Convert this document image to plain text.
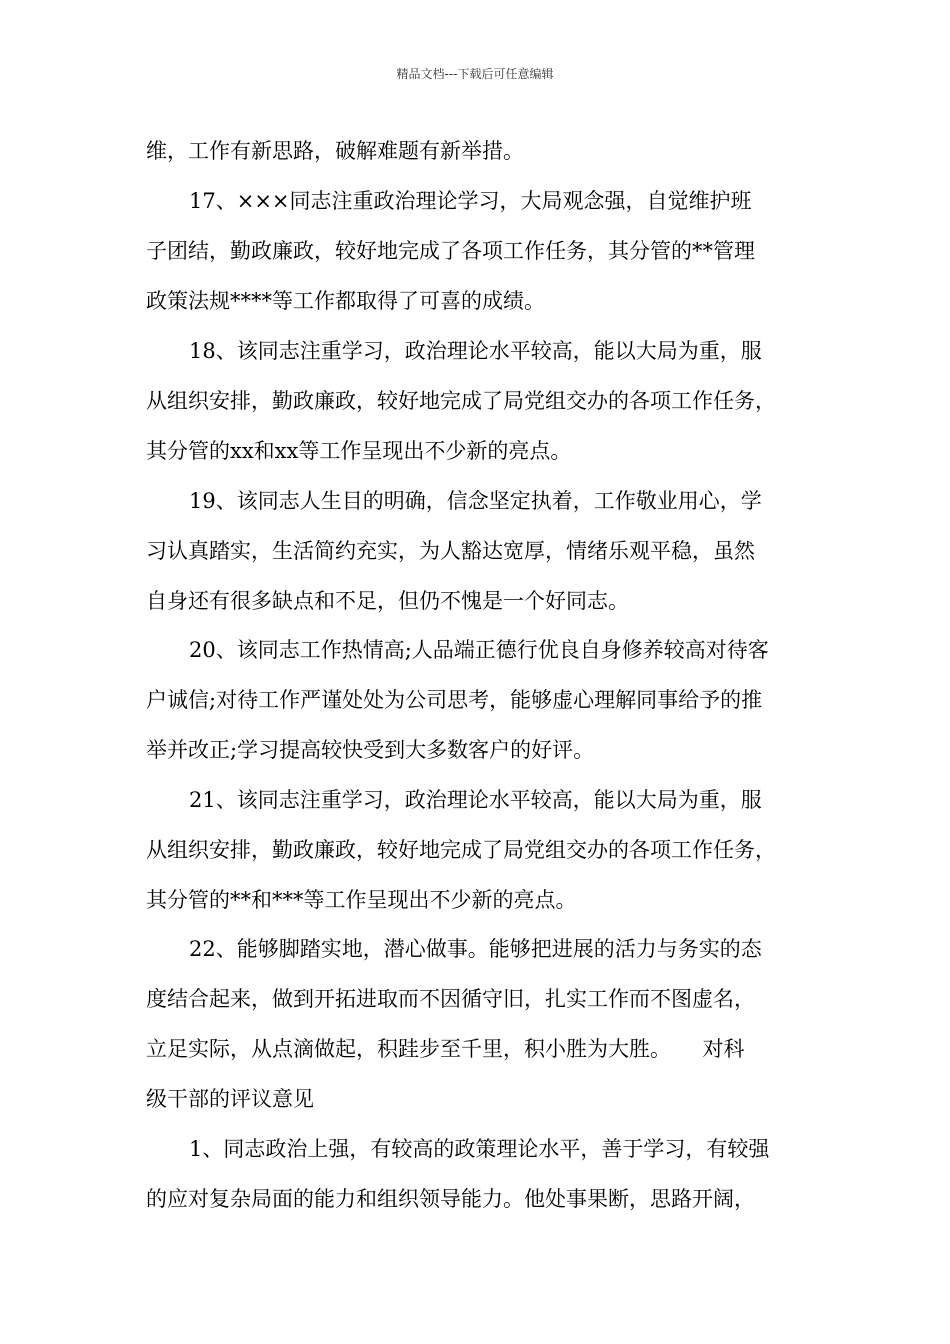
精品文档---下载后可任意编辑
维，工作有新思路，破解难题有新举措。
17、×××同志注重政治理论学习，大局观念强，自觉维护班
子团结，勤政廉政，较好地完成了各项工作任务，其分管的**管理
政策法规****等工作都取得了可喜的成绩。
18、该同志注重学习，政治理论水平较高，能以大局为重，服
从组织安排，勤政廉政，较好地完成了局党组交办的各项工作任务，
其分管的xx和xx等工作呈现出不少新的亮点。
19、该同志人生目的明确，信念坚定执着，工作敬业用心，学
习认真踏实，生活简约充实，为人豁达宽厚，情绪乐观平稳，虽然
自身还有很多缺点和不足，但仍不愧是一个好同志。
20、该同志工作热情高;人品端正德行优良自身修养较高对待客
户诚信;对待工作严谨处处为公司思考，能够虚心理解同事给予的推
举并改正;学习提高较快受到大多数客户的好评。
21、该同志注重学习，政治理论水平较高，能以大局为重，服
从组织安排，勤政廉政，较好地完成了局党组交办的各项工作任务，
其分管的**和***等工作呈现出不少新的亮点。
22、能够脚踏实地，潜心做事。能够把进展的活力与务实的态
度结合起来，做到开拓进取而不因循守旧，扎实工作而不图虚名，
立足实际，从点滴做起，积跬步至千里，积小胜为大胜。　　对科
级干部的评议意见
1、同志政治上强，有较高的政策理论水平，善于学习，有较强
的应对复杂局面的能力和组织领导能力。他处事果断，思路开阔，
